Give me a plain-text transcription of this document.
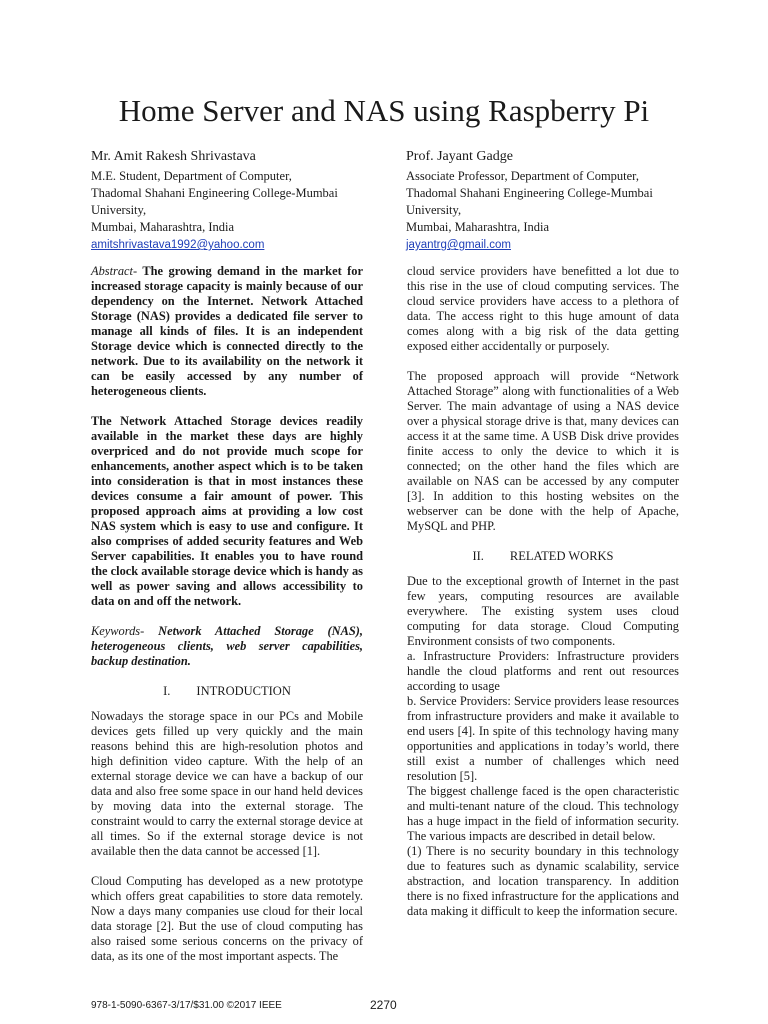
Home Server and NAS using Raspberry Pi
Mr. Amit Rakesh Shrivastava
M.E. Student, Department of Computer,
Thadomal Shahani Engineering College-Mumbai
University,
Mumbai, Maharashtra, India
amitshrivastava1992@yahoo.com
Prof. Jayant Gadge
Associate Professor, Department of Computer,
Thadomal Shahani Engineering College-Mumbai
University,
Mumbai, Maharashtra, India
jayantrg@gmail.com

Abstract- The growing demand in the market for increased storage capacity is mainly because of our dependency on the Internet. Network Attached Storage (NAS) provides a dedicated file server to manage all kinds of files. It is an independent Storage device which is connected directly to the network. Due to its availability on the network it can be easily accessed by any number of heterogeneous clients.

The Network Attached Storage devices readily available in the market these days are highly overpriced and do not provide much scope for enhancements, another aspect which is to be taken into consideration is that in most instances these devices consume a fair amount of power. This proposed approach aims at providing a low cost NAS system which is easy to use and configure. It also comprises of added security features and Web Server capabilities. It enables you to have round the clock available storage device which is handy as well as power saving and allows accessibility to data on and off the network.

Keywords- Network Attached Storage (NAS), heterogeneous clients, web server capabilities, backup destination.

I. INTRODUCTION

Nowadays the storage space in our PCs and Mobile devices gets filled up very quickly and the main reasons behind this are high-resolution photos and high definition video capture. With the help of an external storage device we can have a backup of our data and also free some space in our hand held devices by moving data into the external storage. The constraint would to carry the external storage device at all times. So if the external storage device is not available then the data cannot be accessed [1].

Cloud Computing has developed as a new prototype which offers great capabilities to store data remotely. Now a days many companies use cloud for their local data storage [2]. But the use of cloud computing has also raised some serious concerns on the privacy of data, as its one of the most important aspects. The

cloud service providers have benefitted a lot due to this rise in the use of cloud computing services. The cloud service providers have access to a plethora of data. The access right to this huge amount of data comes along with a big risk of the data getting exposed either accidentally or purposely.

The proposed approach will provide “Network Attached Storage” along with functionalities of a Web Server. The main advantage of using a NAS device over a physical storage drive is that, many devices can access it at the same time. A USB Disk drive provides finite access to only the device to which it is connected; on the other hand the files which are available on NAS can be accessed by any computer [3]. In addition to this hosting websites on the webserver can be done with the help of Apache, MySQL and PHP.

II. RELATED WORKS

Due to the exceptional growth of Internet in the past few years, computing resources are available everywhere. The existing system uses cloud computing for data storage. Cloud Computing Environment consists of two components.

a. Infrastructure Providers: Infrastructure providers handle the cloud platforms and rent out resources according to usage

b. Service Providers: Service providers lease resources from infrastructure providers and make it available to end users [4]. In spite of this technology having many opportunities and applications in today’s world, there still exist a number of challenges which need resolution [5].

The biggest challenge faced is the open characteristic and multi-tenant nature of the cloud. This technology has a huge impact in the field of information security. The various impacts are described in detail below.

(1) There is no security boundary in this technology due to features such as dynamic scalability, service abstraction, and location transparency. In addition there is no fixed infrastructure for the applications and data making it difficult to keep the information secure.

978-1-5090-6367-3/17/$31.00 ©2017 IEEE	2270
